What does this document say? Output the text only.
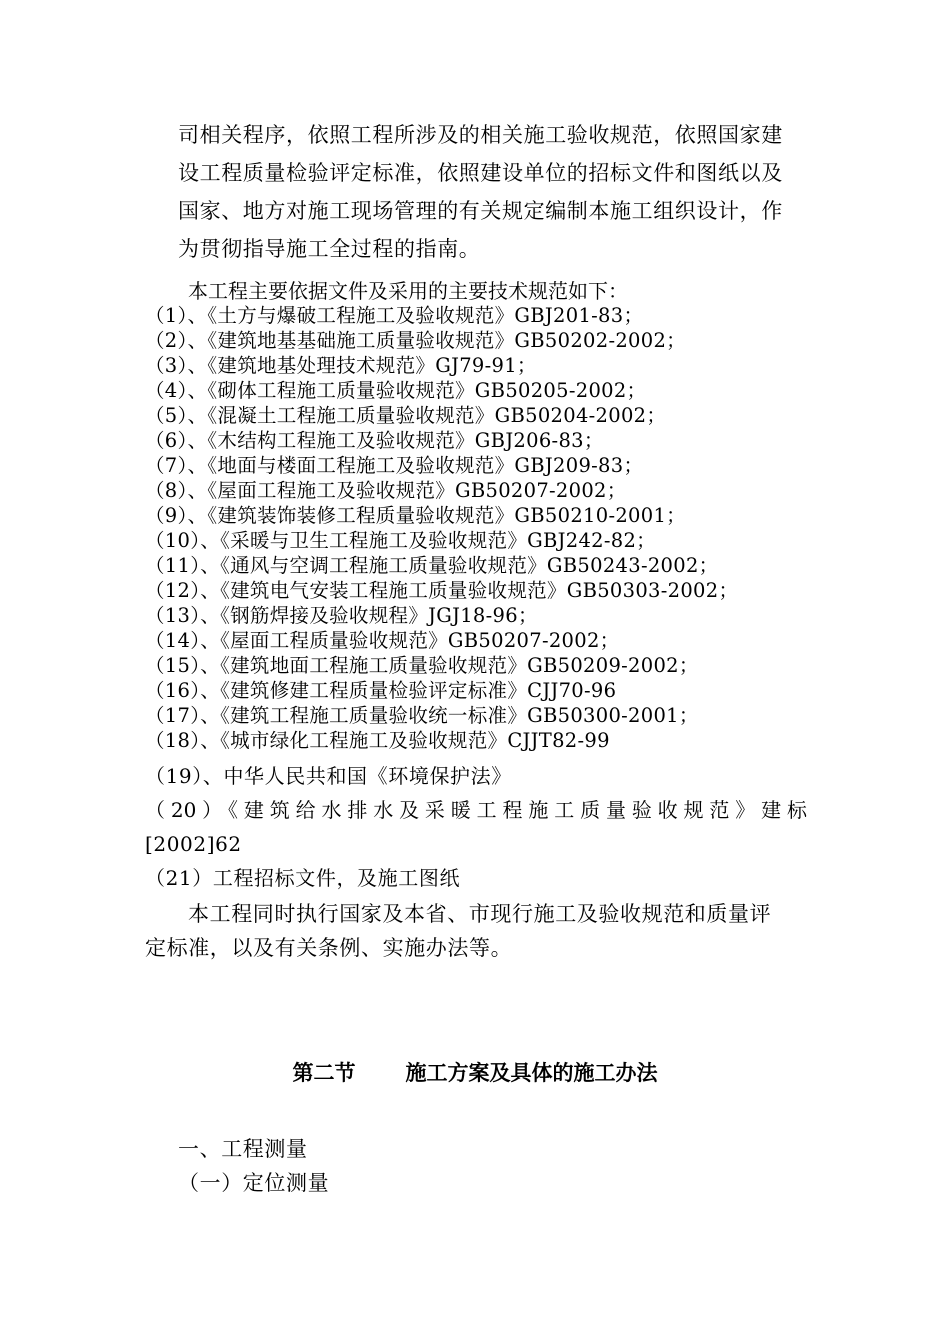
司相关程序，依照工程所涉及的相关施工验收规范，依照国家建
设工程质量检验评定标准，依照建设单位的招标文件和图纸以及
国家、地方对施工现场管理的有关规定编制本施工组织设计，作
为贯彻指导施工全过程的指南。
本工程主要依据文件及采用的主要技术规范如下：
（1）、《土方与爆破工程施工及验收规范》GBJ201-83；
（2）、《建筑地基基础施工质量验收规范》GB50202-2002；
（3）、《建筑地基处理技术规范》GJ79-91；
（4）、《砌体工程施工质量验收规范》GB50205-2002；
（5）、《混凝土工程施工质量验收规范》GB50204-2002；
（6）、《木结构工程施工及验收规范》GBJ206-83；
（7）、《地面与楼面工程施工及验收规范》GBJ209-83；
（8）、《屋面工程施工及验收规范》GB50207-2002；
（9）、《建筑装饰装修工程质量验收规范》GB50210-2001；
（10）、《采暖与卫生工程施工及验收规范》GBJ242-82；
（11）、《通风与空调工程施工质量验收规范》GB50243-2002；
（12）、《建筑电气安装工程施工质量验收规范》GB50303-2002；
（13）、《钢筋焊接及验收规程》JGJ18-96；
（14）、《屋面工程质量验收规范》GB50207-2002；
（15）、《建筑地面工程施工质量验收规范》GB50209-2002；
（16）、《建筑修建工程质量检验评定标准》CJJ70-96
（17）、《建筑工程施工质量验收统一标准》GB50300-2001；
（18）、《城市绿化工程施工及验收规范》CJJT82-99
（19）、中华人民共和国《环境保护法》
（20）《建筑给水排水及采暖工程施工质量验收规范》建标
[2002]62
（21）工程招标文件，及施工图纸
本工程同时执行国家及本省、市现行施工及验收规范和质量评
定标准，以及有关条例、实施办法等。
第二节 施工方案及具体的施工办法
一、工程测量
（一）定位测量
